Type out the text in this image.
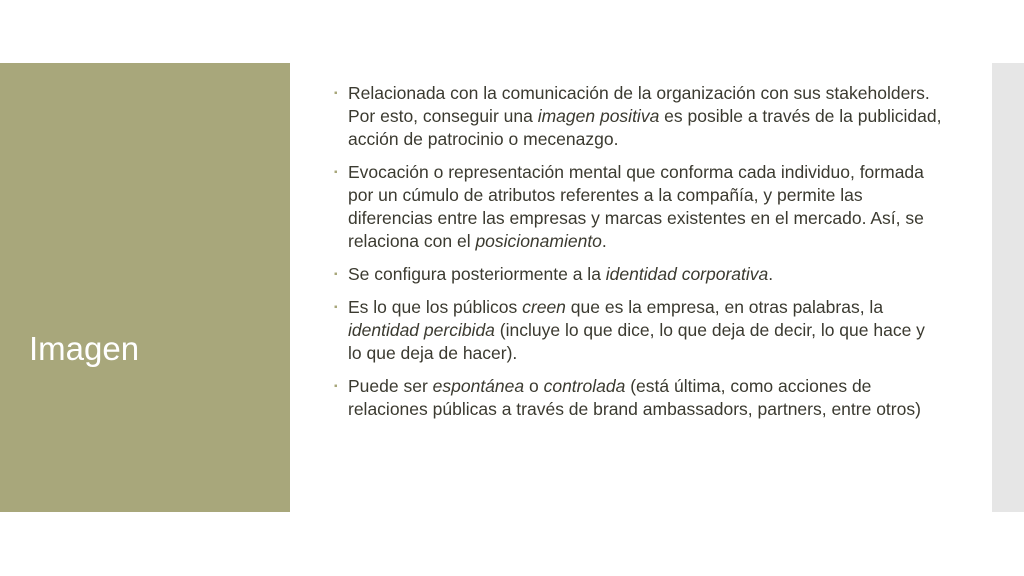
Imagen
▪ Relacionada con la comunicación de la organización con sus stakeholders. Por esto, conseguir una imagen positiva es posible a través de la publicidad, acción de patrocinio o mecenazgo.
▪ Evocación o representación mental que conforma cada individuo, formada por un cúmulo de atributos referentes a la compañía, y permite las diferencias entre las empresas y marcas existentes en el mercado. Así, se relaciona con el posicionamiento.
▪ Se configura posteriormente a la identidad corporativa.
▪ Es lo que los públicos creen que es la empresa, en otras palabras, la identidad percibida (incluye lo que dice, lo que deja de decir, lo que hace y lo que deja de hacer).
▪ Puede ser espontánea o controlada (está última, como acciones de relaciones públicas a través de brand ambassadors, partners, entre otros)
